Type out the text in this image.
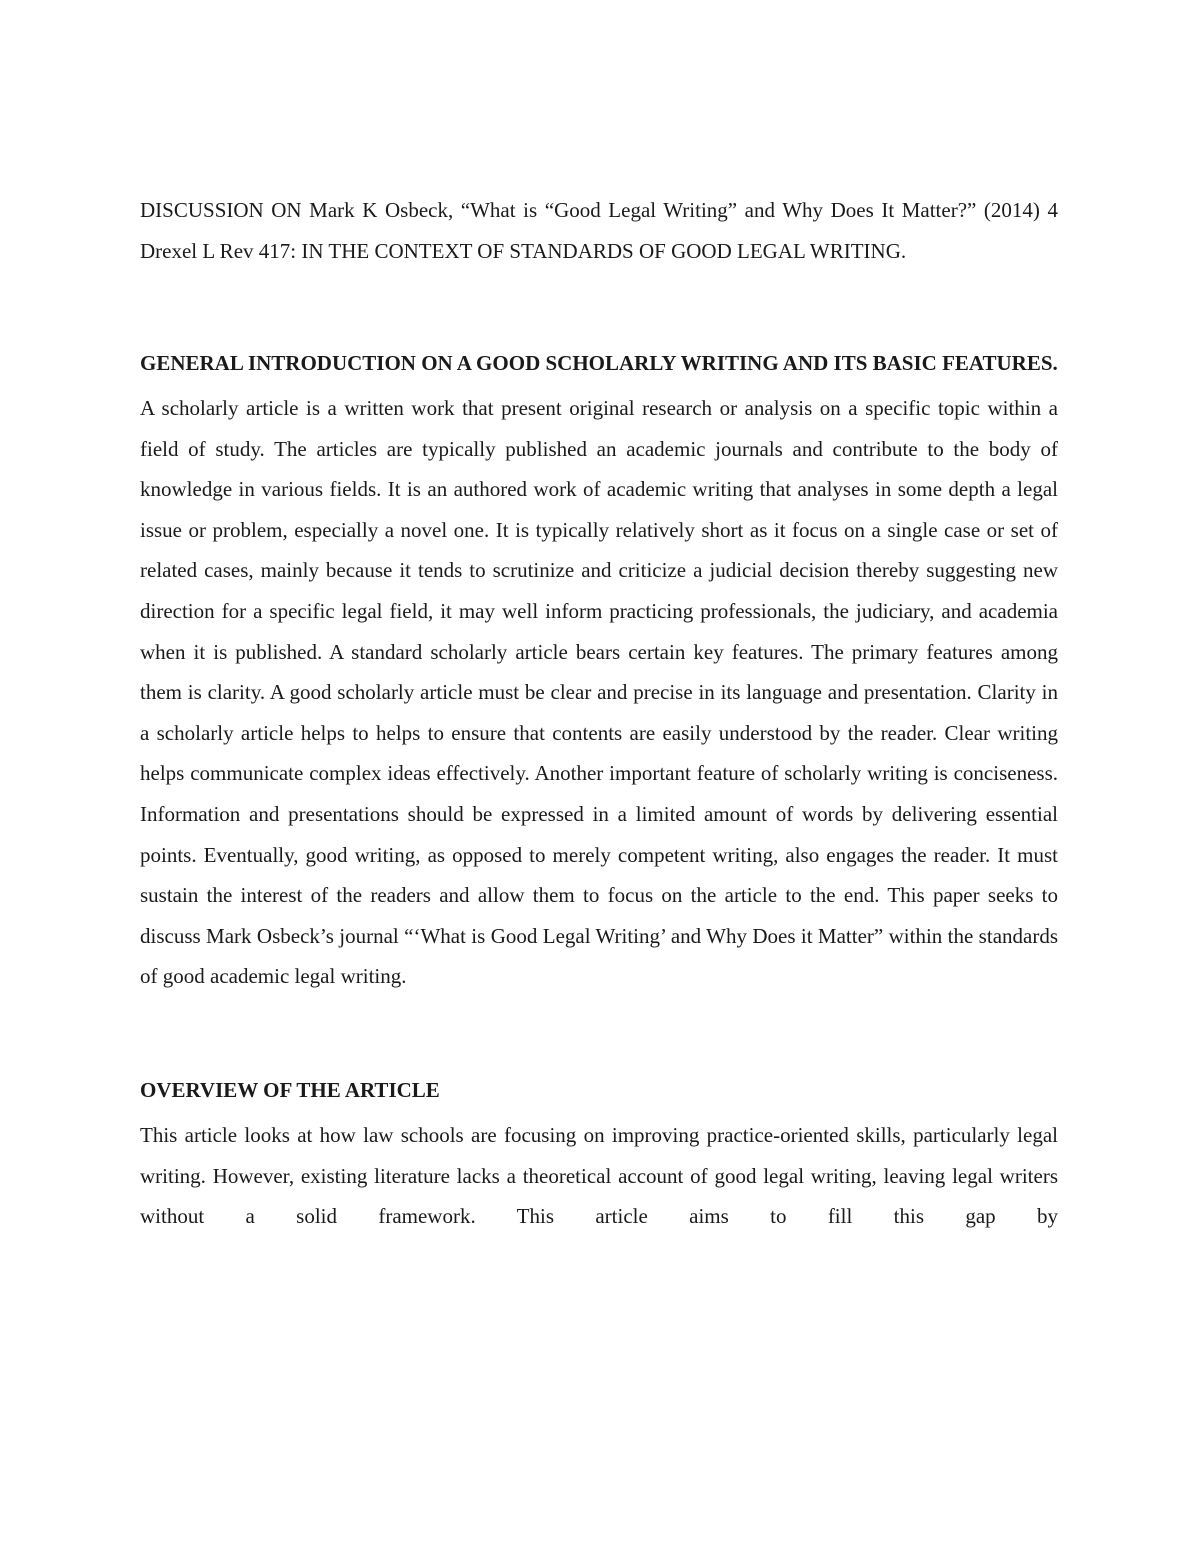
DISCUSSION ON Mark K Osbeck, “What is “Good Legal Writing” and Why Does It Matter?” (2014) 4 Drexel L Rev 417: IN THE CONTEXT OF STANDARDS OF GOOD LEGAL WRITING.

GENERAL INTRODUCTION ON A GOOD SCHOLARLY WRITING AND ITS BASIC FEATURES.

A scholarly article is a written work that present original research or analysis on a specific topic within a field of study. The articles are typically published an academic journals and contribute to the body of knowledge in various fields. It is an authored work of academic writing that analyses in some depth a legal issue or problem, especially a novel one. It is typically relatively short as it focus on a single case or set of related cases, mainly because it tends to scrutinize and criticize a judicial decision thereby suggesting new direction for a specific legal field, it may well inform practicing professionals, the judiciary, and academia when it is published. A standard scholarly article bears certain key features. The primary features among them is clarity. A good scholarly article must be clear and precise in its language and presentation. Clarity in a scholarly article helps to helps to ensure that contents are easily understood by the reader. Clear writing helps communicate complex ideas effectively. Another important feature of scholarly writing is conciseness. Information and presentations should be expressed in a limited amount of words by delivering essential points. Eventually, good writing, as opposed to merely competent writing, also engages the reader. It must sustain the interest of the readers and allow them to focus on the article to the end. This paper seeks to discuss Mark Osbeck’s journal “‘What is Good Legal Writing’ and Why Does it Matter” within the standards of good academic legal writing.

OVERVIEW OF THE ARTICLE

This article looks at how law schools are focusing on improving practice-oriented skills, particularly legal writing. However, existing literature lacks a theoretical account of good legal writing, leaving legal writers without a solid framework. This article aims to fill this gap by
